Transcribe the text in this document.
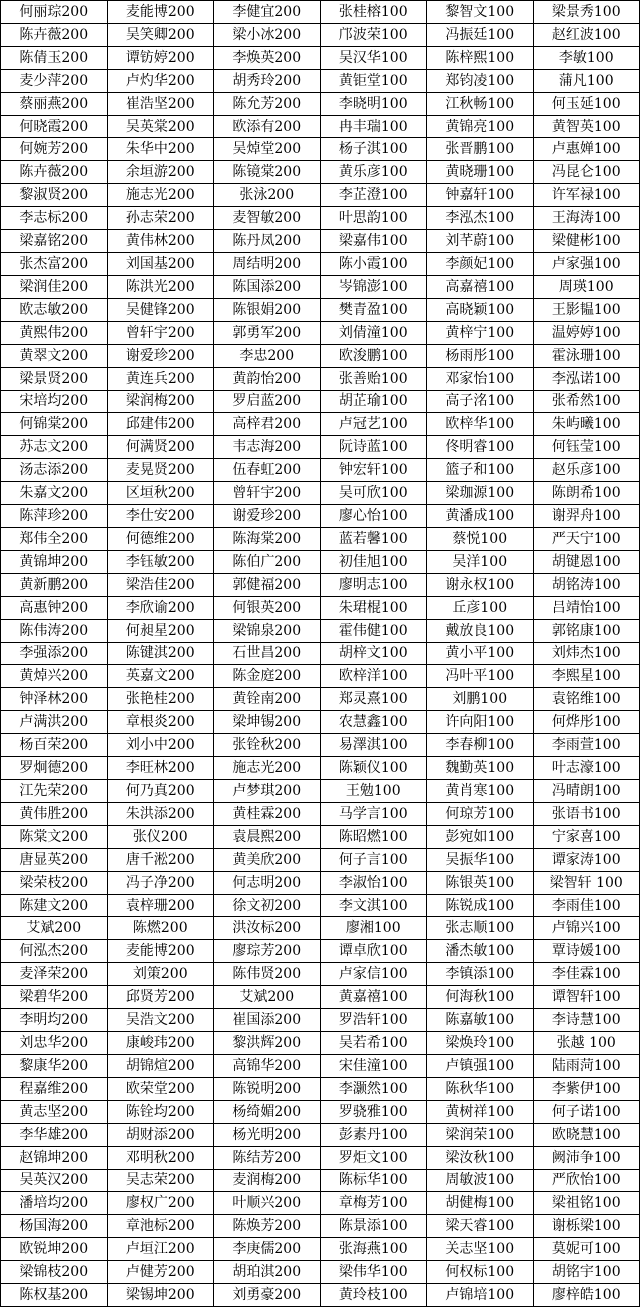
何丽琮200	麦能博200	李健宜200	张桂榕100	黎智文100	梁景秀100
陈卉薇200	吴笑卿200	梁小冰200	邝波荣100	冯振廷100	赵红波100
陈倩玉200	谭钫婷200	李焕英200	吴汉华100	陈梓熙100	李敏100
麦少萍200	卢灼华200	胡秀玲200	黄钜堂100	郑钧凌100	蒲凡100
蔡丽燕200	崔浩坚200	陈允芳200	李晓明100	江秋畅100	何玉延100
何晓霞200	吴英棠200	欧添有200	冉丰瑞100	黄锦亮100	黄智英100
何婉芳200	朱华中200	吴焯堂200	杨子淇100	张晋鹏100	卢惠婵100
陈卉薇200	余垣游200	陈镜棠200	黄乐彦100	黄晓珊100	冯昆仑100
黎淑贤200	施志光200	张泳200	李芷澄100	钟嘉轩100	许军禄100
李志标200	孙志荣200	麦智敏200	叶思韵100	李泓杰100	王海涛100
梁嘉铭200	黄伟林200	陈丹凤200	梁嘉伟100	刘芊蔚100	梁健彬100
张杰富200	刘国基200	周结明200	陈小霞100	李颜妃100	卢家强100
梁润佳200	陈洪光200	陈国添200	岑锦澎100	高嘉禧100	周瑛100
欧志敏200	吴健锋200	陈银娟200	樊青盈100	高晓颖100	王影韫100
黄熙伟200	曾轩宇200	郭勇军200	刘倩潼100	黄梓宁100	温婷婷100
黄翠文200	谢爱珍200	李忠200	欧浚鹏100	杨雨彤100	霍泳珊100
梁景贤200	黄连兵200	黄韵怡200	张善贻100	邓家怡100	李泓诺100
宋培均200	梁润梅200	罗启蓝200	胡芷瑜100	高子洺100	张希然100
何锦棠200	邱建伟200	高梓君200	卢冠艺100	欧梓华100	朱屿曦100
苏志文200	何满贤200	韦志海200	阮诗蓝100	佟明睿100	何钰莹100
汤志添200	麦晃贤200	伍春虹200	钟宏轩100	篮子和100	赵乐彦100
朱嘉文200	区垣秋200	曾轩宇200	吴可欣100	梁珈源100	陈朗希100
陈萍珍200	李仕安200	谢爱珍200	廖心怡100	黄潘成100	谢羿舟100
郑伟全200	何德维200	陈海棠200	蓝若馨100	蔡悦100	严天宁100
黄锦坤200	李钰敏200	陈伯广200	初佳旭100	吴洋100	胡键恩100
黄新鹏200	梁浩佳200	郭健福200	廖明志100	谢永权100	胡铭涛100
高惠钟200	李欣谕200	何银英200	朱珺棍100	丘彦100	吕靖怡100
陈伟涛200	何昶星200	梁锦泉200	霍伟健100	戴放良100	郭铭康100
李强添200	陈键淇200	石世昌200	胡梓文100	黄小平100	刘炜杰100
黄焯兴200	英嘉文200	陈金庭200	欧梓洋100	冯叶平100	李熙星100
钟泽林200	张艳桂200	黄铨南200	郑灵熹100	刘鹏100	袁铭维100
卢满洪200	章根炎200	梁坤锡200	农慧鑫100	许向阳100	何烨彤100
杨百荣200	刘小中200	张铨秋200	易澤淇100	李春柳100	李雨萱100
罗炯德200	李旺林200	施志光200	陈颖仪100	魏勤英100	叶志濠100
江先荣200	何乃真200	卢梦琪200	王勉100	黄肖寒100	冯晴朗100
黄伟胜200	朱洪添200	黄桂霖200	马学言100	何琼芳100	张语书100
陈棠文200	张仪200	袁晨熙200	陈昭燃100	彭宛如100	宁家喜100
唐显英200	唐千淞200	黄美欣200	何子言100	吴振华100	谭家涛100
梁荣枝200	冯子净200	何志明200	李淑怡100	陈银英100	梁智轩 100
陈建文200	袁梓珊200	徐文初200	李文淇100	陈锐成100	李雨佳100
艾斌200	陈燃200	洪汝标200	廖湘100	张志顺100	卢锦兴100
何泓杰200	麦能博200	廖琮芳200	谭卓欣100	潘杰敏100	覃诗媛100
麦泽荣200	刘策200	陈伟贤200	卢家信100	李镇添100	李佳霖100
梁碧华200	邱贤芳200	艾斌200	黄嘉禧100	何海秋100	谭智轩100
李明均200	吴浩文200	崔国添200	罗浩轩100	陈嘉敏100	李诗慧100
刘忠华200	康峻玮200	黎洪辉200	吴若希100	梁焕玲100	张越 100
黎康华200	胡锦煊200	高锦华200	宋佳潼100	卢镇强100	陆雨菏100
程嘉维200	欧荣堂200	陈锐明200	李灏然100	陈秋华100	李紫伊100
黄志坚200	陈铨均200	杨绮媚200	罗骁雅100	黄树祥100	何子诺100
李华雄200	胡财添200	杨光明200	彭素丹100	梁润荣100	欧晓慧100
赵锦坤200	邓明秋200	陈结芳200	罗炬文100	梁汝秋100	阙沛争100
吴英汉200	吴志荣200	麦润梅200	陈标华100	周敏波100	严欣怡100
潘培均200	廖权广200	叶顺兴200	章梅芳100	胡健梅100	梁祖铭100
杨国海200	章池标200	陈焕芳200	陈景添100	梁天睿100	谢栎梁100
欧锐坤200	卢垣江200	李庚儒200	张海燕100	关志坚100	莫妮可100
梁锦枝200	卢健芳200	胡珀淇200	梁伟华100	何权标100	胡铭宇100
陈权基200	梁锡坤200	刘勇豪200	黄玲枝100	卢锦培100	廖梓皓100
